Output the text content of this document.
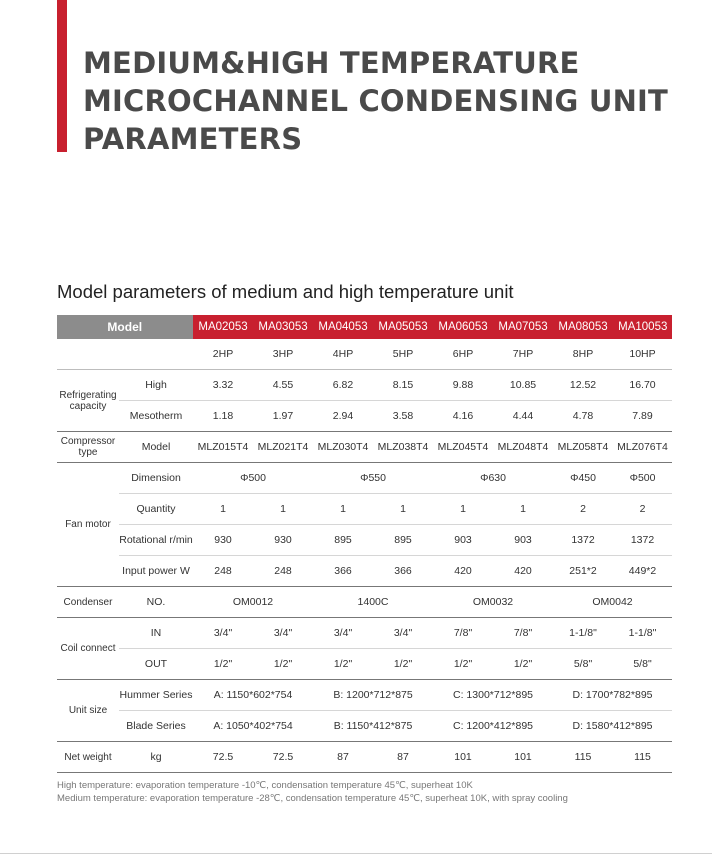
MEDIUM&HIGH TEMPERATURE
MICROCHANNEL CONDENSING UNIT
PARAMETERS
Model parameters of medium and high temperature unit
Model		MA02053	MA03053	MA04053	MA05053	MA06053	MA07053	MA08053	MA10053
		2HP	3HP	4HP	5HP	6HP	7HP	8HP	10HP
Refrigerating capacity	High	3.32	4.55	6.82	8.15	9.88	10.85	12.52	16.70
	Mesotherm	1.18	1.97	2.94	3.58	4.16	4.44	4.78	7.89
Compressor type	Model	MLZ015T4	MLZ021T4	MLZ030T4	MLZ038T4	MLZ045T4	MLZ048T4	MLZ058T4	MLZ076T4
Fan motor	Dimension	Φ500		Φ550		Φ630		Φ450	Φ500
	Quantity	1	1	1	1	1	1	2	2
	Rotational r/min	930	930	895	895	903	903	1372	1372
	Input power W	248	248	366	366	420	420	251*2	449*2
Condenser	NO.	OM0012		1400C		OM0032		OM0042	
Coil connect	IN	3/4"	3/4"	3/4"	3/4"	7/8"	7/8"	1-1/8"	1-1/8"
	OUT	1/2"	1/2"	1/2"	1/2"	1/2"	1/2"	5/8"	5/8"
Unit size	Hummer Series	A: 1150*602*754		B: 1200*712*875		C: 1300*712*895		D: 1700*782*895	
	Blade Series	A: 1050*402*754		B: 1150*412*875		C: 1200*412*895		D: 1580*412*895	
Net weight	kg	72.5	72.5	87	87	101	101	115	115

High temperature: evaporation temperature -10℃, condensation temperature 45℃, superheat 10K
Medium temperature: evaporation temperature -28℃, condensation temperature 45℃, superheat 10K, with spray cooling
